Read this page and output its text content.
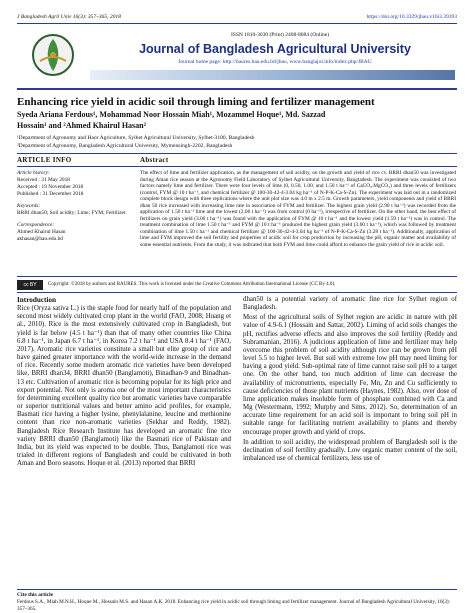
J Bangladesh Agril Univ 16(3): 357–365, 2018	https://doi.org/10.3329/jbau.v16i3.39393
ISSN 1810-3030 (Print) 2408-8684 (Online)
Journal of Bangladesh Agricultural University
Journal home page: http://baures.bau.edu.bd/jbau, www.banglajol.info/index.php/JBAU
Enhancing rice yield in acidic soil through liming and fertilizer management
Syeda Ariana Ferdous¹, Mohammad Noor Hossain Miah¹, Mozammel Hoque¹, Md. Sazzad
Hossain¹ and ²Ahmed Khairul Hasan²
¹Department of Agronomy and Haor Agriculture, Sylhet Agricultural University, Sylhet-3100, Bangladesh
²Department of Agronomy, Bangladesh Agricultural University, Mymensingh-2202, Bangladesh
ARTICLE INFO	Abstract
Article history:
Received : 31 May 2018
Accepted : 19 November 2018
Published : 31 December 2018
Keywords:
BRRI dhan50; Soil acidity; Lime; FYM; Fertilizer
Correspondence:
Ahmed Khairul Hasan
akhasan@bau.edu.bd
The effect of lime and fertilizer application, as the management of soil acidity, on the growth and yield of rice cv. BRRI dhan50 was investigated during Aman rice season at the Agronomy Field Laboratory of Sylhet Agricultural University, Bangladesh. The experiment was consisted of two factors namely lime and fertilizer. There were four levels of lime (0, 0.50, 1.00, and 1.50 t ha⁻¹ of CaCO₃.MgCO₃) and three levels of fertilizers (control, FYM @ 10 t ha⁻¹, and chemical fertilizer @ 100-30-42-4-3.04 kg ha⁻¹ of N-P-K-Ca-S-Zn). The experiment was laid out in a randomized complete block design with three replications where the unit plot size was 4.0 m x 2.5 m. Growth parameters, yield components and yield of BRRI dhan 50 rice increased with increasing lime rate in association of FYM and fertilizer. The highest grain yield (2.90 t ha⁻¹) was recorded from the application of 1.50 t ha⁻¹ lime and the lowest (2.06 t ha⁻¹) was from control (0 ha⁻¹), irrespective of fertilizer. On the other hand, the best effect of fertilizers on grain yield (3.06 t ha⁻¹) was found with the application of FYM @ 10 t ha⁻¹ and the lowest yield (1.59 t ha⁻¹) was in control. The treatment combination of lime 1.50 t ha⁻¹ and FYM @ 10 t ha⁻¹ produced the highest grain yield (3.60 t ha⁻¹), which was followed by treatment combination of lime 1.50 t ha⁻¹ and chemical fertilizer @ 100-30-42-4-3.04 kg ha⁻¹ of N-P-K-Ca-S-Zn (3.28 t ha⁻¹). Additionally, application of lime and FYM improved the soil fertility and properties of acidic soil for crop production by increasing the pH, organic matter and availability of some essential nutrients. From the study, it was indicated that both FYM and lime could afford to enhance the grain yield of rice in acidic soil.
cc BY	Copyright: ©2018 by authors and BAURES. This work is licensed under the Creative Commons Attribution International License (CC By 4.0).
Introduction

Rice (Oryza sativa L.) is the staple food for nearly half of the population and second most widely cultivated crop plant in the world (FAO, 2008; Huang et al., 2010). Rice is the most extensively cultivated crop in Bangladesh, but yield is far below (4.5 t ha⁻¹) than that of many other countries like China 6.8 t ha⁻¹, in Japan 6.7 t ha⁻¹, in Korea 7.2 t ha⁻¹ and USA 8.4 t ha⁻¹ (FAO, 2017). Aromatic rice varieties constitute a small but elite group of rice and have gained greater importance with the world-wide increase in the demand of rice. Recently some modern aromatic rice varieties have been developed like, BRRI dhan34, BRRI dhan50 (Banglamoti), Binadhan-9 and Binadhan-13 etc. Cultivation of aromatic rice is becoming popular for its high price and export potential. Not only is aroma one of the most important characteristics for determining excellent quality rice but aromatic varieties have comparable or superior nutritional values and better amino acid profiles, for example, Basmati rice having a higher lysine, phenylalanine, leucine and methionine content than rice non-aromatic varieties (Sekhar and Reddy, 1982). Bangladesh Rice Research Institute has developed an aromatic fine rice variety BRRI dhan50 (Banglamoti) like the Basmati rice of Pakistan and India, but its yield was expected to be double. Thus, Banglamoti rice was trialed in different regions of Bangladesh and could be cultivated in both Aman and Boro seasons. Hoque et al. (2013) reported that BRRI

dhan50 is a potential variety of aromatic fine rice for Sylhet region of Bangladesh.

Most of the agricultural soils of Sylhet region are acidic in nature with pH value of 4.9-6.1 (Hossain and Sattar, 2002). Liming of acid soils changes the pH, rectifies adverse effects and also improves the soil fertility (Reddy and Subramanian, 2016). A judicious application of lime and fertilizer may help overcome this problem of soil acidity although rice can be grown from pH level 5.5 to higher level. But soil with extreme low pH may need liming for having a good yield. Sub-optimal rate of lime cannot raise soil pH to a target one. On the other hand, too much addition of lime can decrease the availability of micronutrients, especially Fe, Mn, Zn and Cu sufficiently to cause deficiencies of those plant nutrients (Haynes, 1982). Also, over dose of lime application makes insoluble form of phosphate combined with Ca and Mg (Westermann, 1992; Murphy and Sims, 2012). So, determination of an accurate lime requirement for an acid soil is important to bring soil pH in suitable range for facilitating nutrient availability to plants and thereby encourage proper growth and yield of crops.

In addition to soil acidity, the widespread problem of Bangladesh soil is the declination of soil fertility gradually. Low organic matter content of the soil, imbalanced use of chemical fertilizers, less use of

Cite this article
Ferdous S.A., Miah M.N.H., Hoque M., Hossain M.S. and Hasan A.K. 2018. Enhancing rice yield in acidic soil through liming and fertilizer management. Journal of Bangladesh Agricultural University, 16(3): 357–365.
